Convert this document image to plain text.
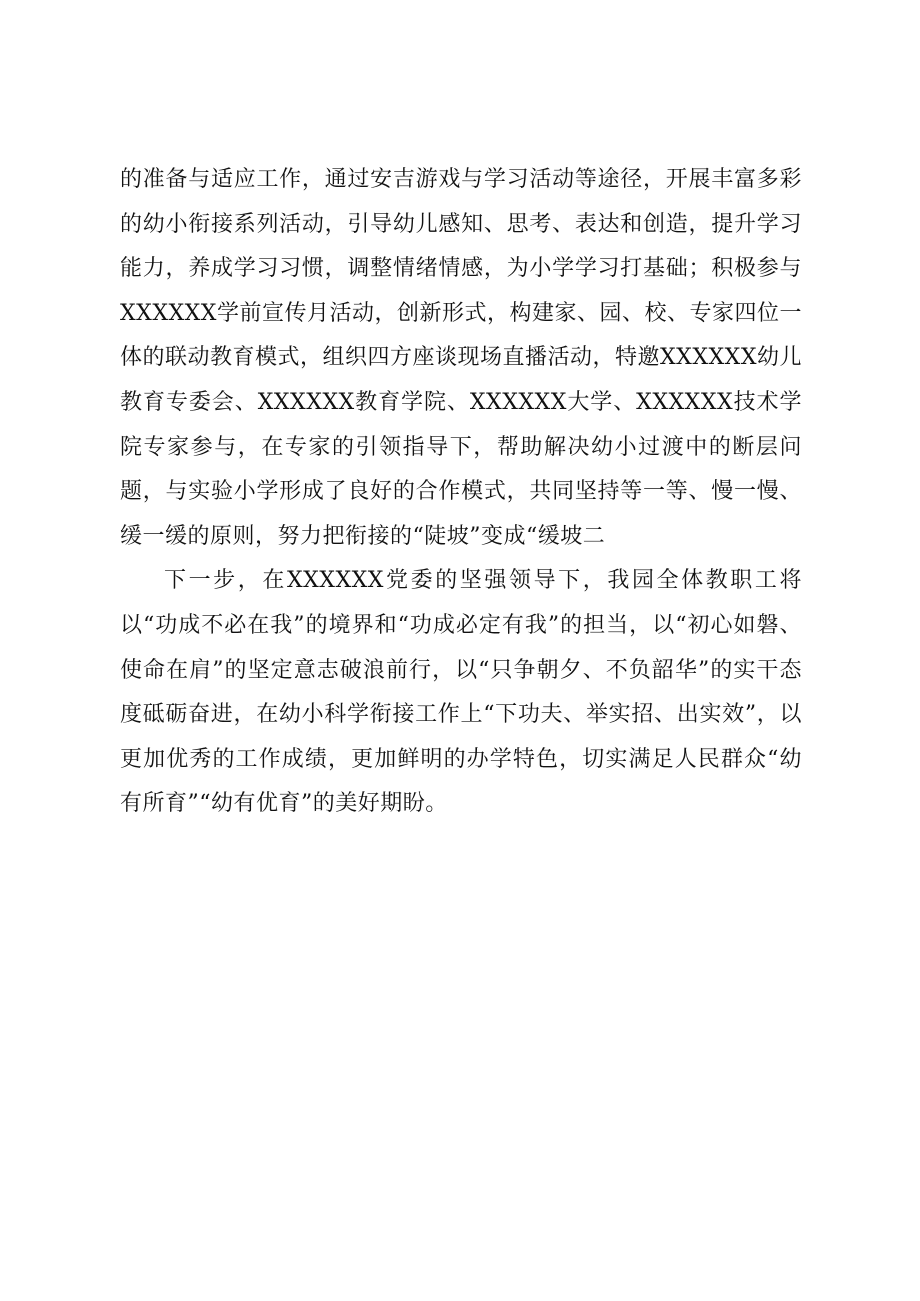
的准备与适应工作，通过安吉游戏与学习活动等途径，开展丰富多彩的幼小衔接系列活动，引导幼儿感知、思考、表达和创造，提升学习能力，养成学习习惯，调整情绪情感，为小学学习打基础；积极参与XXXXXX学前宣传月活动，创新形式，构建家、园、校、专家四位一体的联动教育模式，组织四方座谈现场直播活动，特邀XXXXXX幼儿教育专委会、XXXXXX教育学院、XXXXXX大学、XXXXXX技术学院专家参与，在专家的引领指导下，帮助解决幼小过渡中的断层问题，与实验小学形成了良好的合作模式，共同坚持等一等、慢一慢、缓一缓的原则，努力把衔接的“陡坡”变成“缓坡二

下一步，在XXXXXX党委的坚强领导下，我园全体教职工将以“功成不必在我”的境界和“功成必定有我”的担当，以“初心如磐、使命在肩”的坚定意志破浪前行，以“只争朝夕、不负韶华”的实干态度砥砺奋进，在幼小科学衔接工作上“下功夫、举实招、出实效”，以更加优秀的工作成绩，更加鲜明的办学特色，切实满足人民群众“幼有所育”“幼有优育”的美好期盼。
